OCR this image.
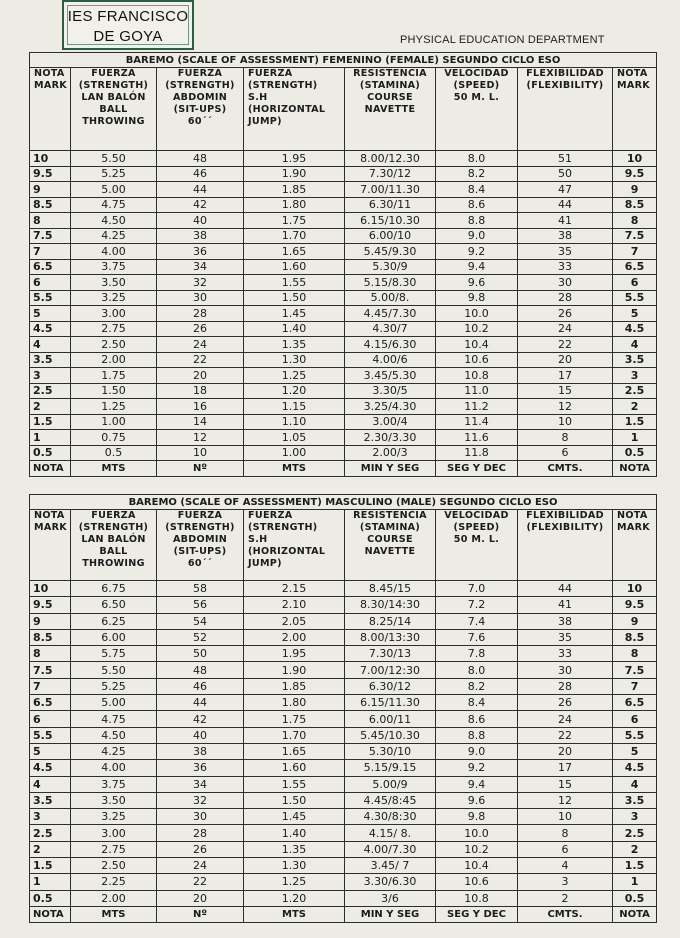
IES FRANCISCO
DE GOYA	PHYSICAL EDUCATION DEPARTMENT
BAREMO (SCALE OF ASSESSMENT) FEMENINO (FEMALE) SEGUNDO CICLO ESO							

NOTA
MARK	FUERZA
(STRENGTH)
LAN BALÓN
BALL
THROWING	FUERZA
(STRENGTH)
ABDOMIN
(SIT-UPS)
60´´	FUERZA
(STRENGTH)
S.H
(HORIZONTAL
JUMP)	RESISTENCIA
(STAMINA)
COURSE
NAVETTE	VELOCIDAD
(SPEED)
50 M. L.	FLEXIBILIDAD
(FLEXIBILITY)	NOTA
MARK

10	5.50	48	1.95	8.00/12.30	8.0	51	10
9.5	5.25	46	1.90	7.30/12	8.2	50	9.5
9	5.00	44	1.85	7.00/11.30	8.4	47	9
8.5	4.75	42	1.80	6.30/11	8.6	44	8.5
8	4.50	40	1.75	6.15/10.30	8.8	41	8
7.5	4.25	38	1.70	6.00/10	9.0	38	7.5
7	4.00	36	1.65	5.45/9.30	9.2	35	7
6.5	3.75	34	1.60	5.30/9	9.4	33	6.5
6	3.50	32	1.55	5.15/8.30	9.6	30	6
5.5	3.25	30	1.50	5.00/8.	9.8	28	5.5
5	3.00	28	1.45	4.45/7.30	10.0	26	5
4.5	2.75	26	1.40	4.30/7	10.2	24	4.5
4	2.50	24	1.35	4.15/6.30	10.4	22	4
3.5	2.00	22	1.30	4.00/6	10.6	20	3.5
3	1.75	20	1.25	3.45/5.30	10.8	17	3
2.5	1.50	18	1.20	3.30/5	11.0	15	2.5
2	1.25	16	1.15	3.25/4.30	11.2	12	2
1.5	1.00	14	1.10	3.00/4	11.4	10	1.5
1	0.75	12	1.05	2.30/3.30	11.6	8	1
0.5	0.5	10	1.00	2.00/3	11.8	6	0.5
NOTA	MTS	Nº	MTS	MIN Y SEG	SEG Y DEC	CMTS.	NOTA
BAREMO (SCALE OF ASSESSMENT) MASCULINO (MALE) SEGUNDO CICLO ESO							

NOTA
MARK	FUERZA
(STRENGTH)
LAN BALÓN
BALL
THROWING	FUERZA
(STRENGTH)
ABDOMIN
(SIT-UPS)
60´´	FUERZA
(STRENGTH)
S.H
(HORIZONTAL
JUMP)	RESISTENCIA
(STAMINA)
COURSE
NAVETTE	VELOCIDAD
(SPEED)
50 M. L.	FLEXIBILIDAD
(FLEXIBILITY)	NOTA
MARK

10	6.75	58	2.15	8.45/15	7.0	44	10
9.5	6.50	56	2.10	8.30/14:30	7.2	41	9.5
9	6.25	54	2.05	8.25/14	7.4	38	9
8.5	6.00	52	2.00	8.00/13:30	7.6	35	8.5
8	5.75	50	1.95	7.30/13	7.8	33	8
7.5	5.50	48	1.90	7.00/12:30	8.0	30	7.5
7	5.25	46	1.85	6.30/12	8.2	28	7
6.5	5.00	44	1.80	6.15/11.30	8.4	26	6.5
6	4.75	42	1.75	6.00/11	8.6	24	6
5.5	4.50	40	1.70	5.45/10.30	8.8	22	5.5
5	4.25	38	1.65	5.30/10	9.0	20	5
4.5	4.00	36	1.60	5.15/9.15	9.2	17	4.5
4	3.75	34	1.55	5.00/9	9.4	15	4
3.5	3.50	32	1.50	4.45/8:45	9.6	12	3.5
3	3.25	30	1.45	4.30/8:30	9.8	10	3
2.5	3.00	28	1.40	4.15/ 8.	10.0	8	2.5
2	2.75	26	1.35	4.00/7.30	10.2	6	2
1.5	2.50	24	1.30	3.45/ 7	10.4	4	1.5
1	2.25	22	1.25	3.30/6.30	10.6	3	1
0.5	2.00	20	1.20	3/6	10.8	2	0.5
NOTA	MTS	Nº	MTS	MIN Y SEG	SEG Y DEC	CMTS.	NOTA
